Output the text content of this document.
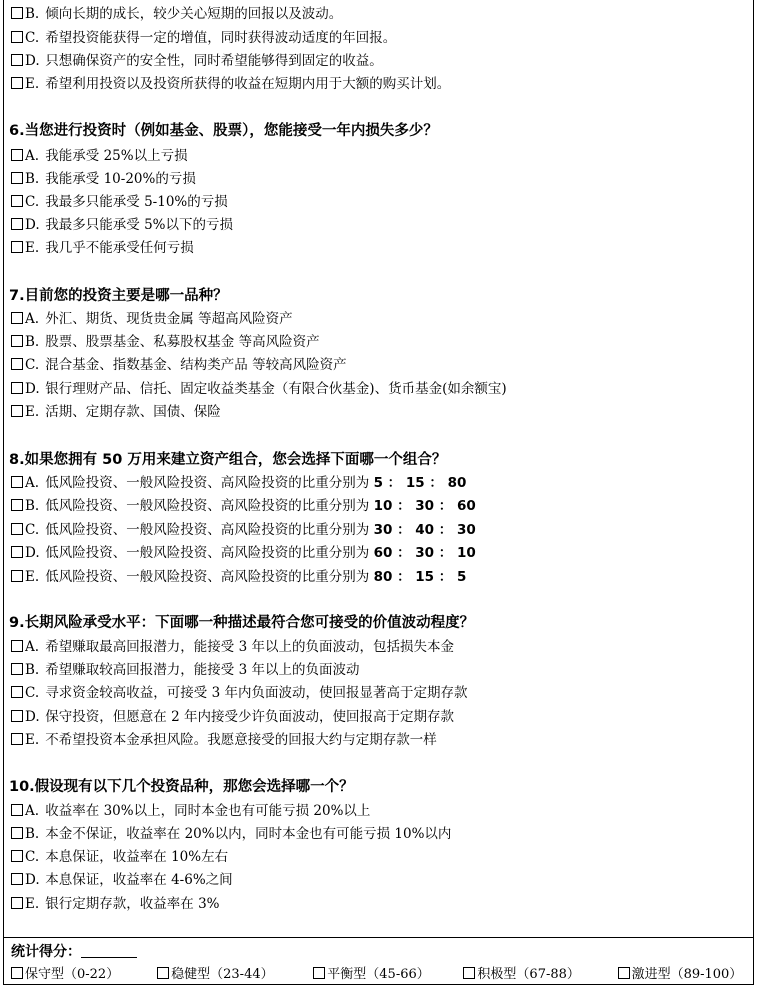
B. 倾向长期的成长，较少关心短期的回报以及波动。
C. 希望投资能获得一定的增值，同时获得波动适度的年回报。
D. 只想确保资产的安全性，同时希望能够得到固定的收益。
E. 希望利用投资以及投资所获得的收益在短期内用于大额的购买计划。
6.当您进行投资时（例如基金、股票），您能接受一年内损失多少？
A. 我能承受 25%以上亏损
B. 我能承受 10-20%的亏损
C. 我最多只能承受 5-10%的亏损
D. 我最多只能承受 5%以下的亏损
E. 我几乎不能承受任何亏损
7.目前您的投资主要是哪一品种？
A. 外汇、期货、现货贵金属 等超高风险资产
B. 股票、股票基金、私募股权基金 等高风险资产
C. 混合基金、指数基金、结构类产品 等较高风险资产
D. 银行理财产品、信托、固定收益类基金（有限合伙基金)、货币基金(如余额宝)
E. 活期、定期存款、国债、保险
8.如果您拥有 50 万用来建立资产组合，您会选择下面哪一个组合？
A. 低风险投资、一般风险投资、高风险投资的比重分别为 5 ： 15 ： 80
B. 低风险投资、一般风险投资、高风险投资的比重分别为 10 ： 30 ： 60
C. 低风险投资、一般风险投资、高风险投资的比重分别为 30 ： 40 ： 30
D. 低风险投资、一般风险投资、高风险投资的比重分别为 60 ： 30 ： 10
E. 低风险投资、一般风险投资、高风险投资的比重分别为 80 ： 15 ： 5
9.长期风险承受水平：下面哪一种描述最符合您可接受的价值波动程度？
A. 希望赚取最高回报潜力，能接受 3 年以上的负面波动，包括损失本金
B. 希望赚取较高回报潜力，能接受 3 年以上的负面波动
C. 寻求资金较高收益，可接受 3 年内负面波动，使回报显著高于定期存款
D. 保守投资，但愿意在 2 年内接受少许负面波动，使回报高于定期存款
E. 不希望投资本金承担风险。我愿意接受的回报大约与定期存款一样
10.假设现有以下几个投资品种，那您会选择哪一个？
A. 收益率在 30%以上，同时本金也有可能亏损 20%以上
B. 本金不保证，收益率在 20%以内，同时本金也有可能亏损 10%以内
C. 本息保证，收益率在 10%左右
D. 本息保证，收益率在 4-6%之间
E. 银行定期存款，收益率在 3%
统计得分：
保守型（0-22）	稳健型（23-44）	平衡型（45-66）	积极型（67-88）	激进型（89-100）
